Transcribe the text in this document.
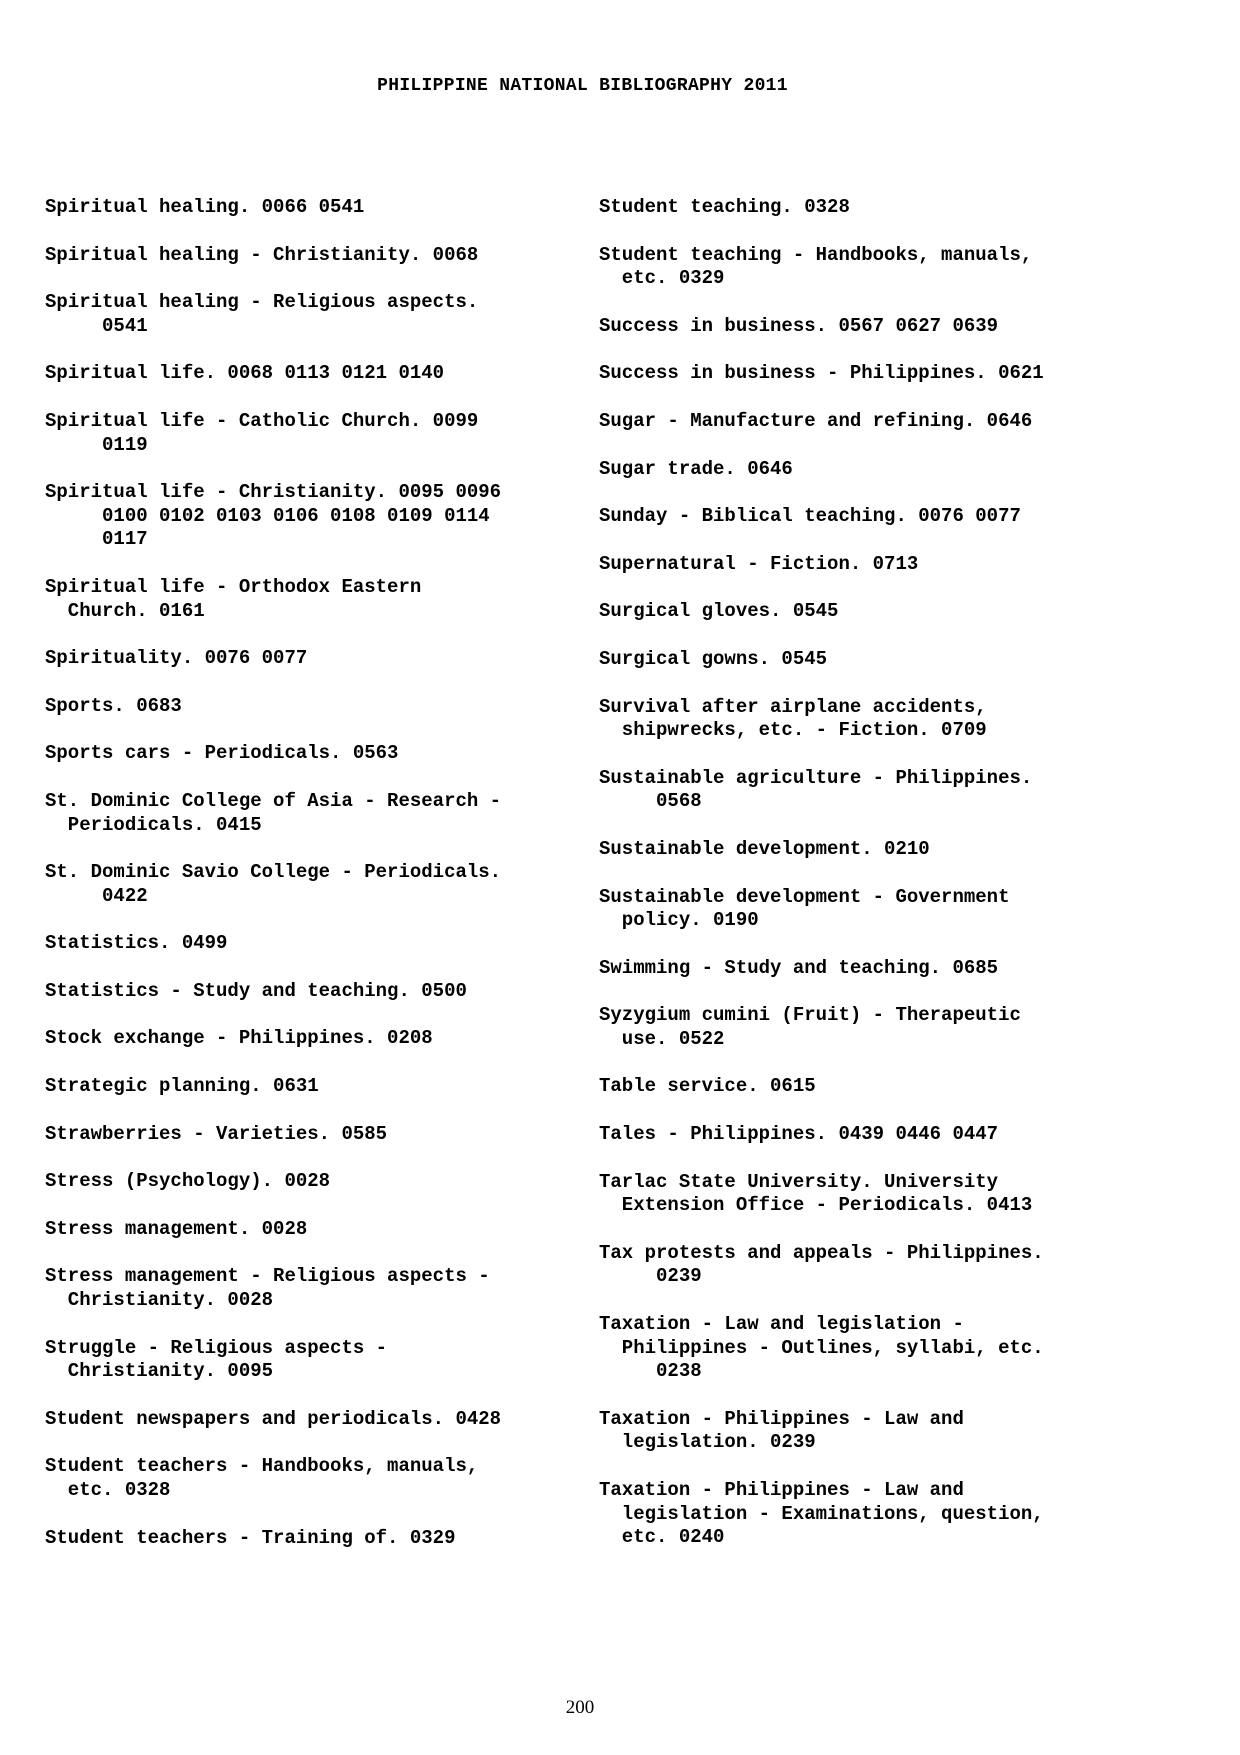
PHILIPPINE NATIONAL BIBLIOGRAPHY 2011
Spiritual healing. 0066 0541
Spiritual healing - Christianity. 0068
Spiritual healing - Religious aspects.
0541
Spiritual life. 0068 0113 0121 0140
Spiritual life - Catholic Church. 0099
0119
Spiritual life - Christianity. 0095 0096
0100 0102 0103 0106 0108 0109 0114
0117
Spiritual life - Orthodox Eastern
Church. 0161
Spirituality. 0076 0077
Sports. 0683
Sports cars - Periodicals. 0563
St. Dominic College of Asia - Research -
Periodicals. 0415
St. Dominic Savio College - Periodicals.
0422
Statistics. 0499
Statistics - Study and teaching. 0500
Stock exchange - Philippines. 0208
Strategic planning. 0631
Strawberries - Varieties. 0585
Stress (Psychology). 0028
Stress management. 0028
Stress management - Religious aspects -
Christianity. 0028
Struggle - Religious aspects -
Christianity. 0095
Student newspapers and periodicals. 0428
Student teachers - Handbooks, manuals,
etc. 0328
Student teachers - Training of. 0329
Student teaching. 0328
Student teaching - Handbooks, manuals,
etc. 0329
Success in business. 0567 0627 0639
Success in business - Philippines. 0621
Sugar - Manufacture and refining. 0646
Sugar trade. 0646
Sunday - Biblical teaching. 0076 0077
Supernatural - Fiction. 0713
Surgical gloves. 0545
Surgical gowns. 0545
Survival after airplane accidents,
shipwrecks, etc. - Fiction. 0709
Sustainable agriculture - Philippines.
0568
Sustainable development. 0210
Sustainable development - Government
policy. 0190
Swimming - Study and teaching. 0685
Syzygium cumini (Fruit) - Therapeutic
use. 0522
Table service. 0615
Tales - Philippines. 0439 0446 0447
Tarlac State University. University
Extension Office - Periodicals. 0413
Tax protests and appeals - Philippines.
0239
Taxation - Law and legislation -
Philippines - Outlines, syllabi, etc.
0238
Taxation - Philippines - Law and
legislation. 0239
Taxation - Philippines - Law and
legislation - Examinations, question,
etc. 0240
200
